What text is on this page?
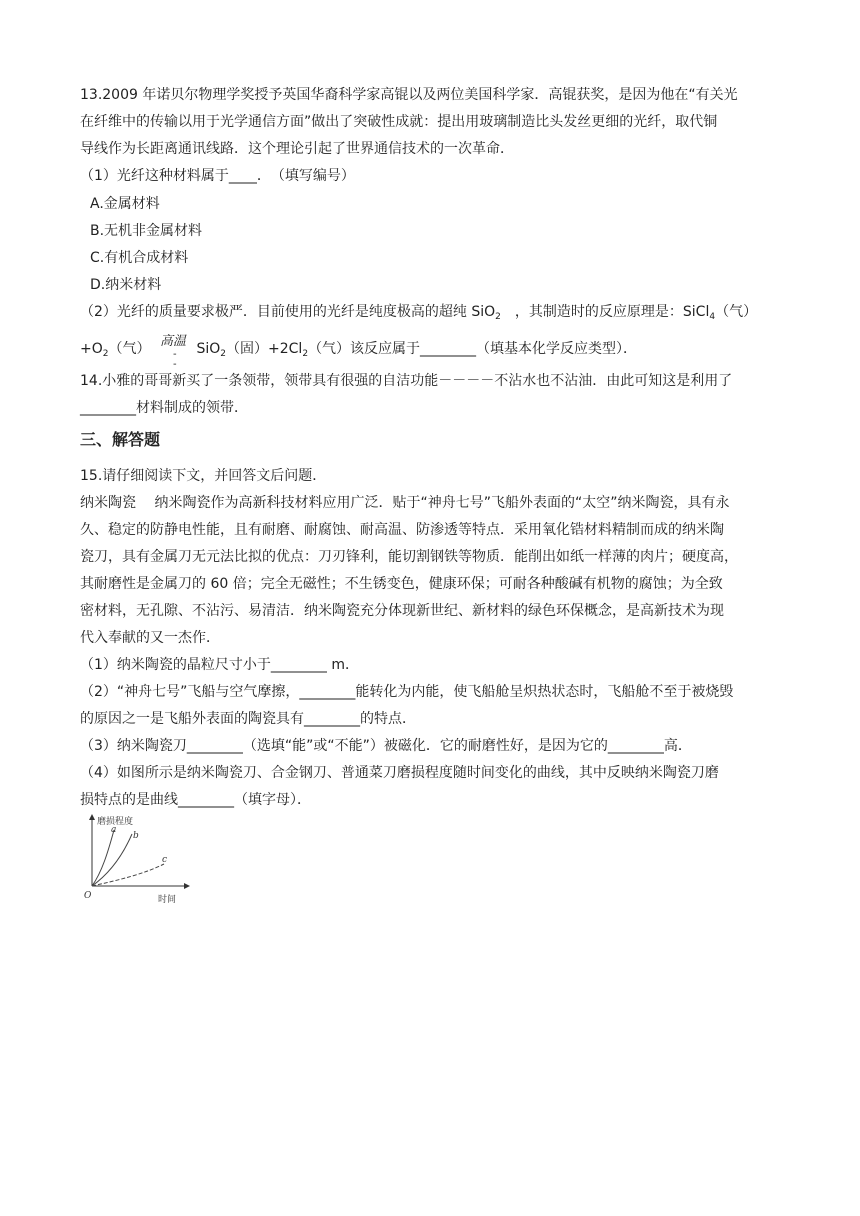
13.2009 年诺贝尔物理学奖授予英国华裔科学家高锟以及两位美国科学家．高锟获奖，是因为他在“有关光
在纤维中的传输以用于光学通信方面”做出了突破性成就：提出用玻璃制造比头发丝更细的光纤，取代铜
导线作为长距离通讯线路．这个理论引起了世界通信技术的一次革命．
（1）光纤这种材料属于____．　（填写编号）
A.金属材料
B.无机非金属材料
C.有机合成材料
D.纳米材料
（2）光纤的质量要求极严．目前使用的光纤是纯度极高的超纯 SiO$_2$　，其制造时的反应原理是：SiCl$_4$（气）
高温
-
-
$+O_2$（气）	SiO$_2$（固）$+2Cl_2$（气）该反应属于________（填基本化学反应类型）．
14.小雅的哥哥新买了一条领带，领带具有很强的自洁功能－－－－不沾水也不沾油．由此可知这是利用了
________材料制成的领带．
三、解答题
15.请仔细阅读下文，并回答文后问题．
纳米陶瓷　 纳米陶瓷作为高新科技材料应用广泛．贴于“神舟七号”飞船外表面的“太空”纳米陶瓷，具有永
久、稳定的防静电性能，且有耐磨、耐腐蚀、耐高温、防渗透等特点．采用氧化锆材料精制而成的纳米陶
瓷刀，具有金属刀无元法比拟的优点：刀刃锋利，能切割钢铁等物质．能削出如纸一样薄的肉片；硬度高，
其耐磨性是金属刀的 60 倍；完全无磁性；不生锈变色，健康环保；可耐各种酸碱有机物的腐蚀；为全致
密材料，无孔隙、不沾污、易清洁．纳米陶瓷充分体现新世纪、新材料的绿色环保概念，是高新技术为现
代入奉献的又一杰作．
（1）纳米陶瓷的晶粒尺寸小于________ m．
（2）“神舟七号”飞船与空气摩擦，________能转化为内能，使飞船舱呈炽热状态时，飞船舱不至于被烧毁
的原因之一是飞船外表面的陶瓷具有________的特点．
（3）纳米陶瓷刀________（选填“能”或“不能”）被磁化．它的耐磨性好，是因为它的________高．
（4）如图所示是纳米陶瓷刀、合金钢刀、普通菜刀磨损程度随时间变化的曲线，其中反映纳米陶瓷刀磨
损特点的是曲线________（填字母）．
磨损程度
a
b
c
O	时间
